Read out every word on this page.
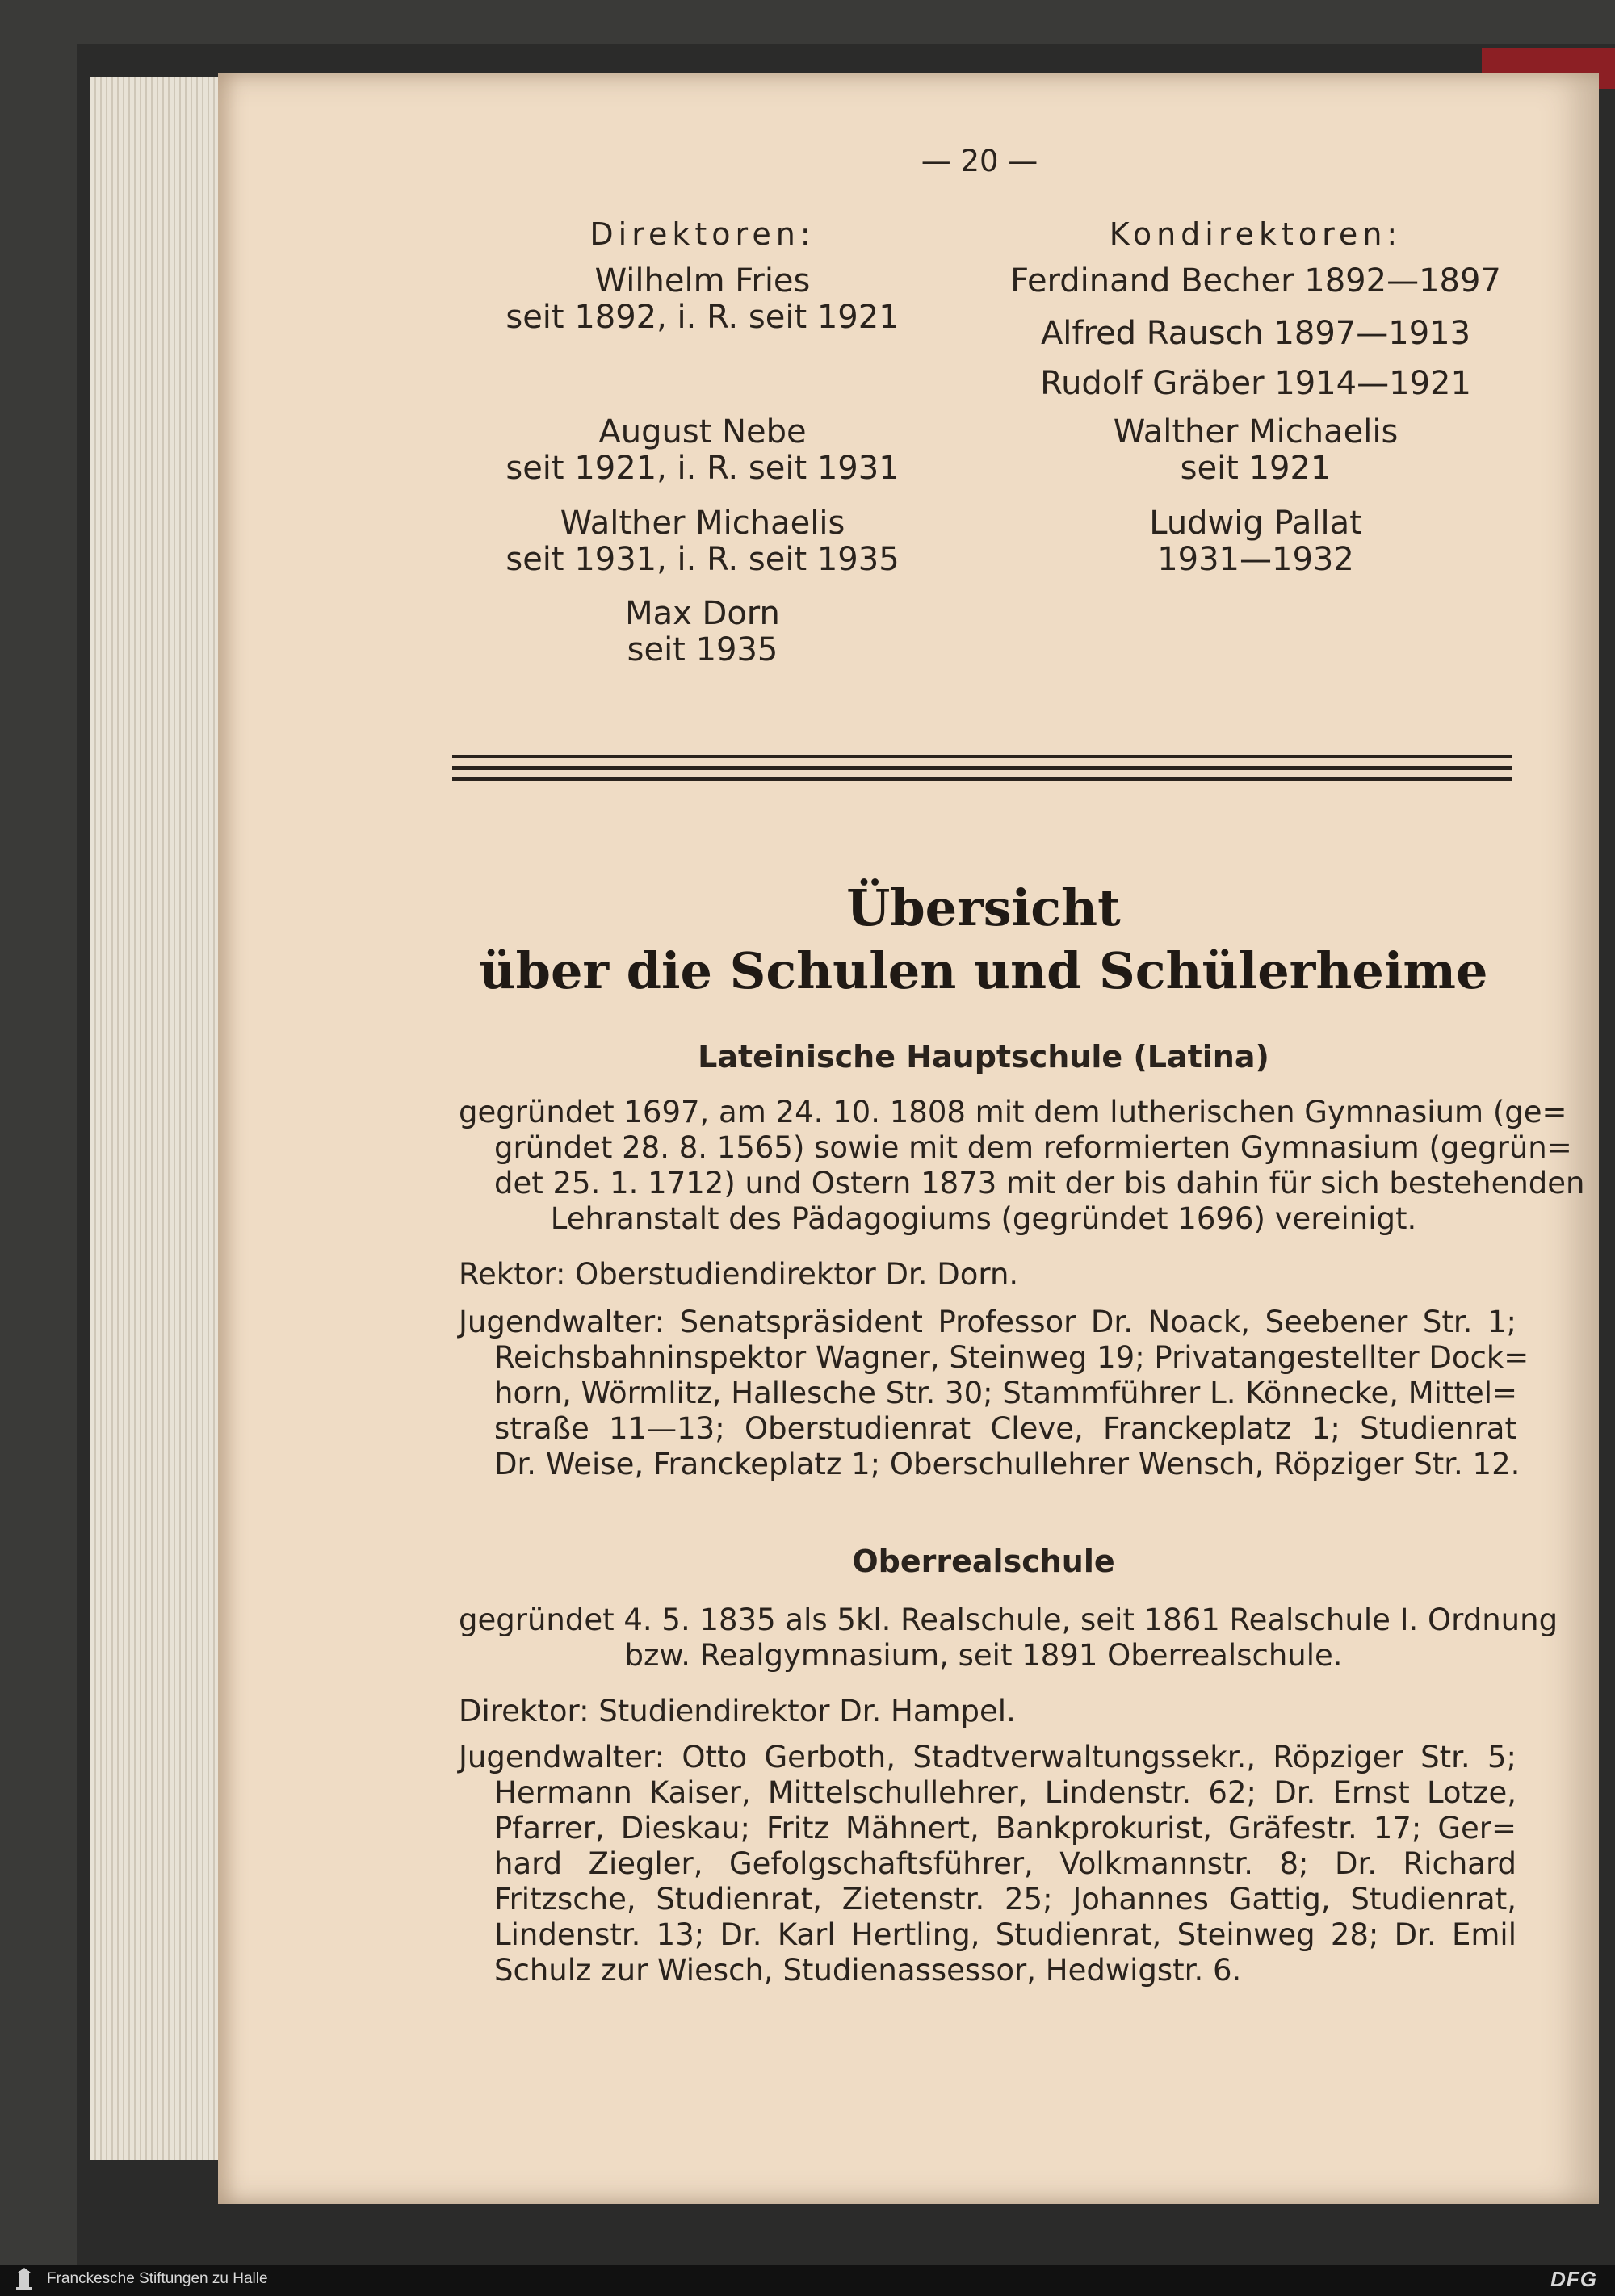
— 20 —
Direktoren:
Wilhelm Fries
seit 1892, i. R. seit 1921
August Nebe
seit 1921, i. R. seit 1931
Walther Michaelis
seit 1931, i. R. seit 1935
Max Dorn
seit 1935
Kondirektoren:
Ferdinand Becher 1892—1897
Alfred Rausch 1897—1913
Rudolf Gräber 1914—1921
Walther Michaelis
seit 1921
Ludwig Pallat
1931—1932
Übersicht
über die Schulen und Schülerheime
Lateinische Hauptschule (Latina)
gegründet 1697, am 24. 10. 1808 mit dem lutherischen Gymnasium (ge=
gründet 28. 8. 1565) sowie mit dem reformierten Gymnasium (gegrün=
det 25. 1. 1712) und Ostern 1873 mit der bis dahin für sich bestehenden
Lehranstalt des Pädagogiums (gegründet 1696) vereinigt.
Rektor: Oberstudiendirektor Dr. Dorn.
Jugendwalter: Senatspräsident Professor Dr. Noack, Seebener Str. 1;
Reichsbahninspektor Wagner, Steinweg 19; Privatangestellter Dock=
horn, Wörmlitz, Hallesche Str. 30; Stammführer L. Könnecke, Mittel=
straße 11—13; Oberstudienrat Cleve, Franckeplatz 1; Studienrat
Dr. Weise, Franckeplatz 1; Oberschullehrer Wensch, Röpziger Str. 12.
Oberrealschule
gegründet 4. 5. 1835 als 5kl. Realschule, seit 1861 Realschule I. Ordnung
bzw. Realgymnasium, seit 1891 Oberrealschule.
Direktor: Studiendirektor Dr. Hampel.
Jugendwalter: Otto Gerboth, Stadtverwaltungssekr., Röpziger Str. 5;
Hermann Kaiser, Mittelschullehrer, Lindenstr. 62; Dr. Ernst Lotze,
Pfarrer, Dieskau; Fritz Mähnert, Bankprokurist, Gräfestr. 17; Ger=
hard Ziegler, Gefolgschaftsführer, Volkmannstr. 8; Dr. Richard
Fritzsche, Studienrat, Zietenstr. 25; Johannes Gattig, Studienrat,
Lindenstr. 13; Dr. Karl Hertling, Studienrat, Steinweg 28; Dr. Emil
Schulz zur Wiesch, Studienassessor, Hedwigstr. 6.
Franckesche Stiftungen zu Halle	DFG
